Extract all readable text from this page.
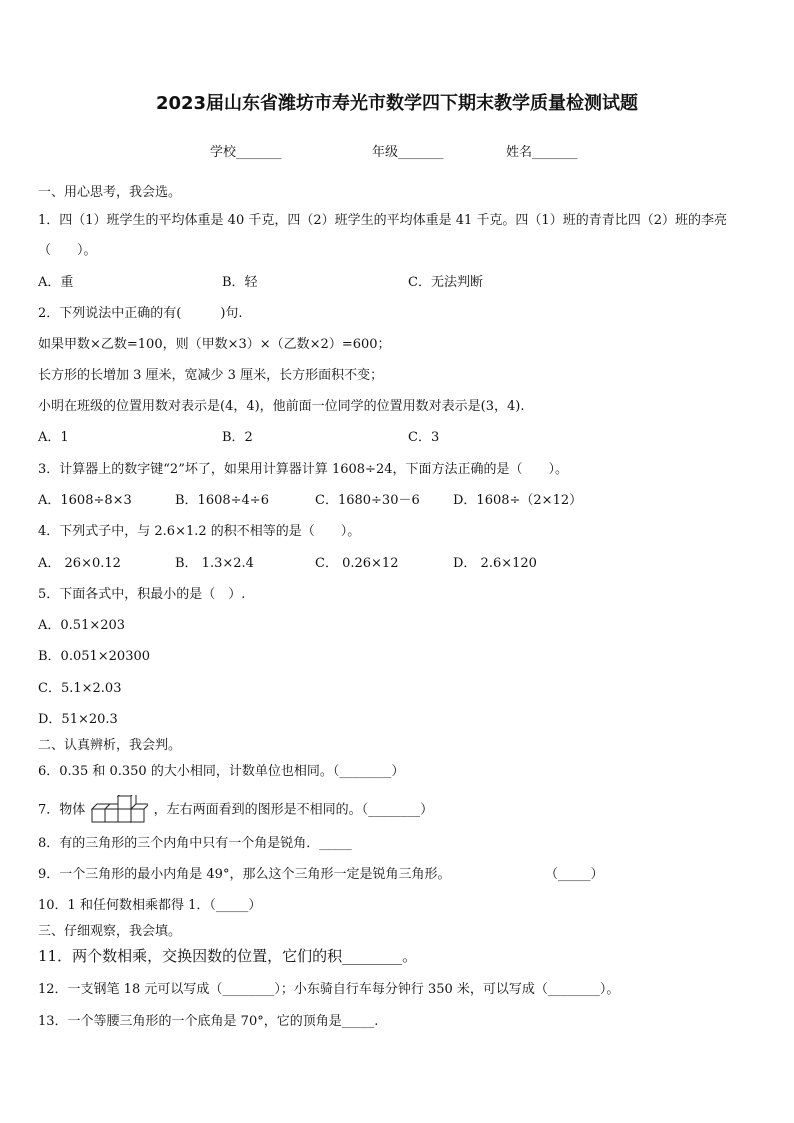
2023届山东省潍坊市寿光市数学四下期末教学质量检测试题
学校_______	年级_______	姓名_______
一、用心思考，我会选。
1．四（1）班学生的平均体重是 40 千克，四（2）班学生的平均体重是 41 千克。四（1）班的青青比四（2）班的李亮
（　　）。
A．重	B．轻	C．无法判断
2．下列说法中正确的有(　　　)句.
如果甲数×乙数=100，则（甲数×3）×（乙数×2）=600；
长方形的长增加 3 厘米，宽减少 3 厘米，长方形面积不变；
小明在班级的位置用数对表示是(4，4)，他前面一位同学的位置用数对表示是(3，4).
A．1	B．2	C．3
3．计算器上的数字键“2”坏了，如果用计算器计算 1608÷24，下面方法正确的是（　　）。
A．1608÷8×3	B．1608÷4÷6	C．1680÷30－6	D．1608÷（2×12）
4．下列式子中，与 2.6×1.2 的积不相等的是（　　）。
A． 26×0.12	B． 1.3×2.4	C． 0.26×12	D． 2.6×120
5．下面各式中，积最小的是（　）.
A．0.51×203
B．0.051×20300
C．5.1×2.03
D．51×20.3
二、认真辨析，我会判。
6．0.35 和 0.350 的大小相同，计数单位也相同。（________）
7．物体	，左右两面看到的图形是不相同的。（________）
8．有的三角形的三个内角中只有一个角是锐角．_____
9．一个三角形的最小内角是 49°，那么这个三角形一定是锐角三角形。	（_____）
10．1 和任何数相乘都得 1．（_____）
三、仔细观察，我会填。
11．两个数相乘，交换因数的位置，它们的积________。
12．一支钢笔 18 元可以写成（________）；小东骑自行车每分钟行 350 米，可以写成（________）。
13．一个等腰三角形的一个底角是 70°，它的顶角是_____.
